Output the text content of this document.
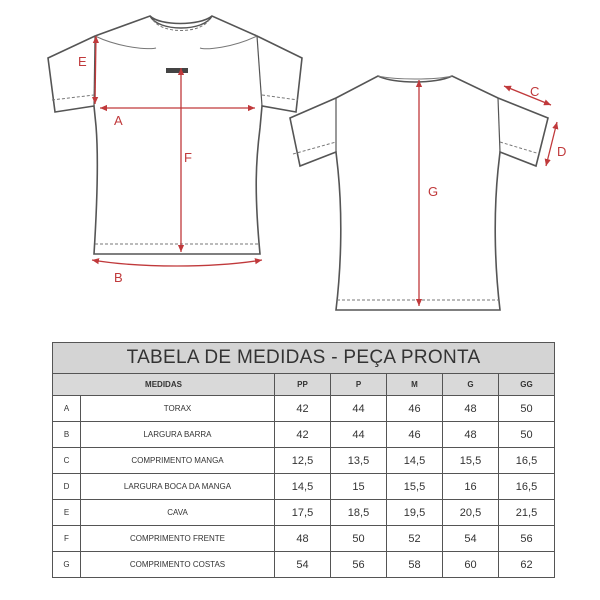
A
B
E
F
G
C
D
TABELA DE MEDIDAS - PEÇA PRONTA						
MEDIDAS		PP	P	M	G	GG
A	TORAX	42	44	46	48	50
B	LARGURA BARRA	42	44	46	48	50
C	COMPRIMENTO MANGA	12,5	13,5	14,5	15,5	16,5
D	LARGURA BOCA DA MANGA	14,5	15	15,5	16	16,5
E	CAVA	17,5	18,5	19,5	20,5	21,5
F	COMPRIMENTO FRENTE	48	50	52	54	56
G	COMPRIMENTO COSTAS	54	56	58	60	62
